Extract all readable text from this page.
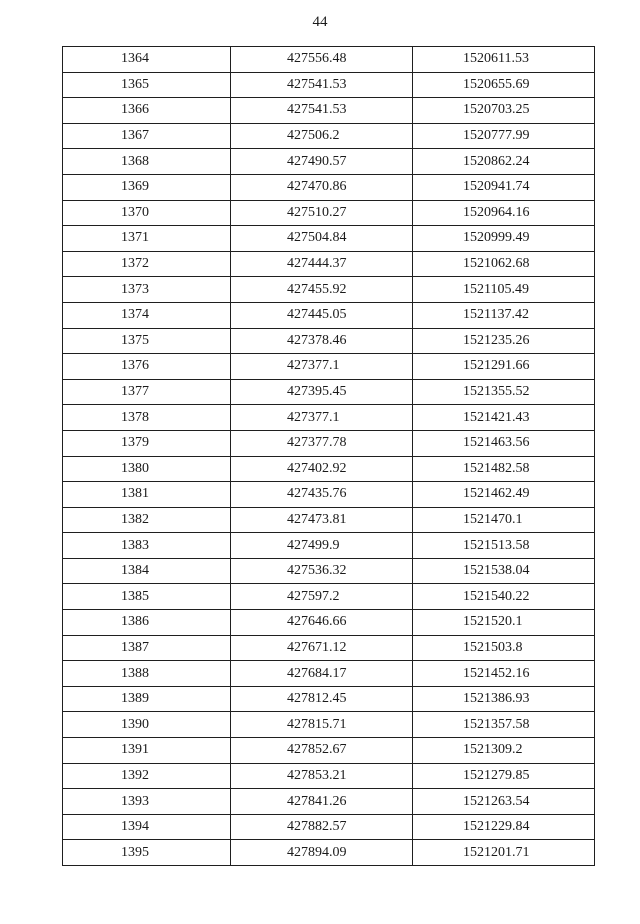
44
1364	427556.48	1520611.53
1365	427541.53	1520655.69
1366	427541.53	1520703.25
1367	427506.2	1520777.99
1368	427490.57	1520862.24
1369	427470.86	1520941.74
1370	427510.27	1520964.16
1371	427504.84	1520999.49
1372	427444.37	1521062.68
1373	427455.92	1521105.49
1374	427445.05	1521137.42
1375	427378.46	1521235.26
1376	427377.1	1521291.66
1377	427395.45	1521355.52
1378	427377.1	1521421.43
1379	427377.78	1521463.56
1380	427402.92	1521482.58
1381	427435.76	1521462.49
1382	427473.81	1521470.1
1383	427499.9	1521513.58
1384	427536.32	1521538.04
1385	427597.2	1521540.22
1386	427646.66	1521520.1
1387	427671.12	1521503.8
1388	427684.17	1521452.16
1389	427812.45	1521386.93
1390	427815.71	1521357.58
1391	427852.67	1521309.2
1392	427853.21	1521279.85
1393	427841.26	1521263.54
1394	427882.57	1521229.84
1395	427894.09	1521201.71
